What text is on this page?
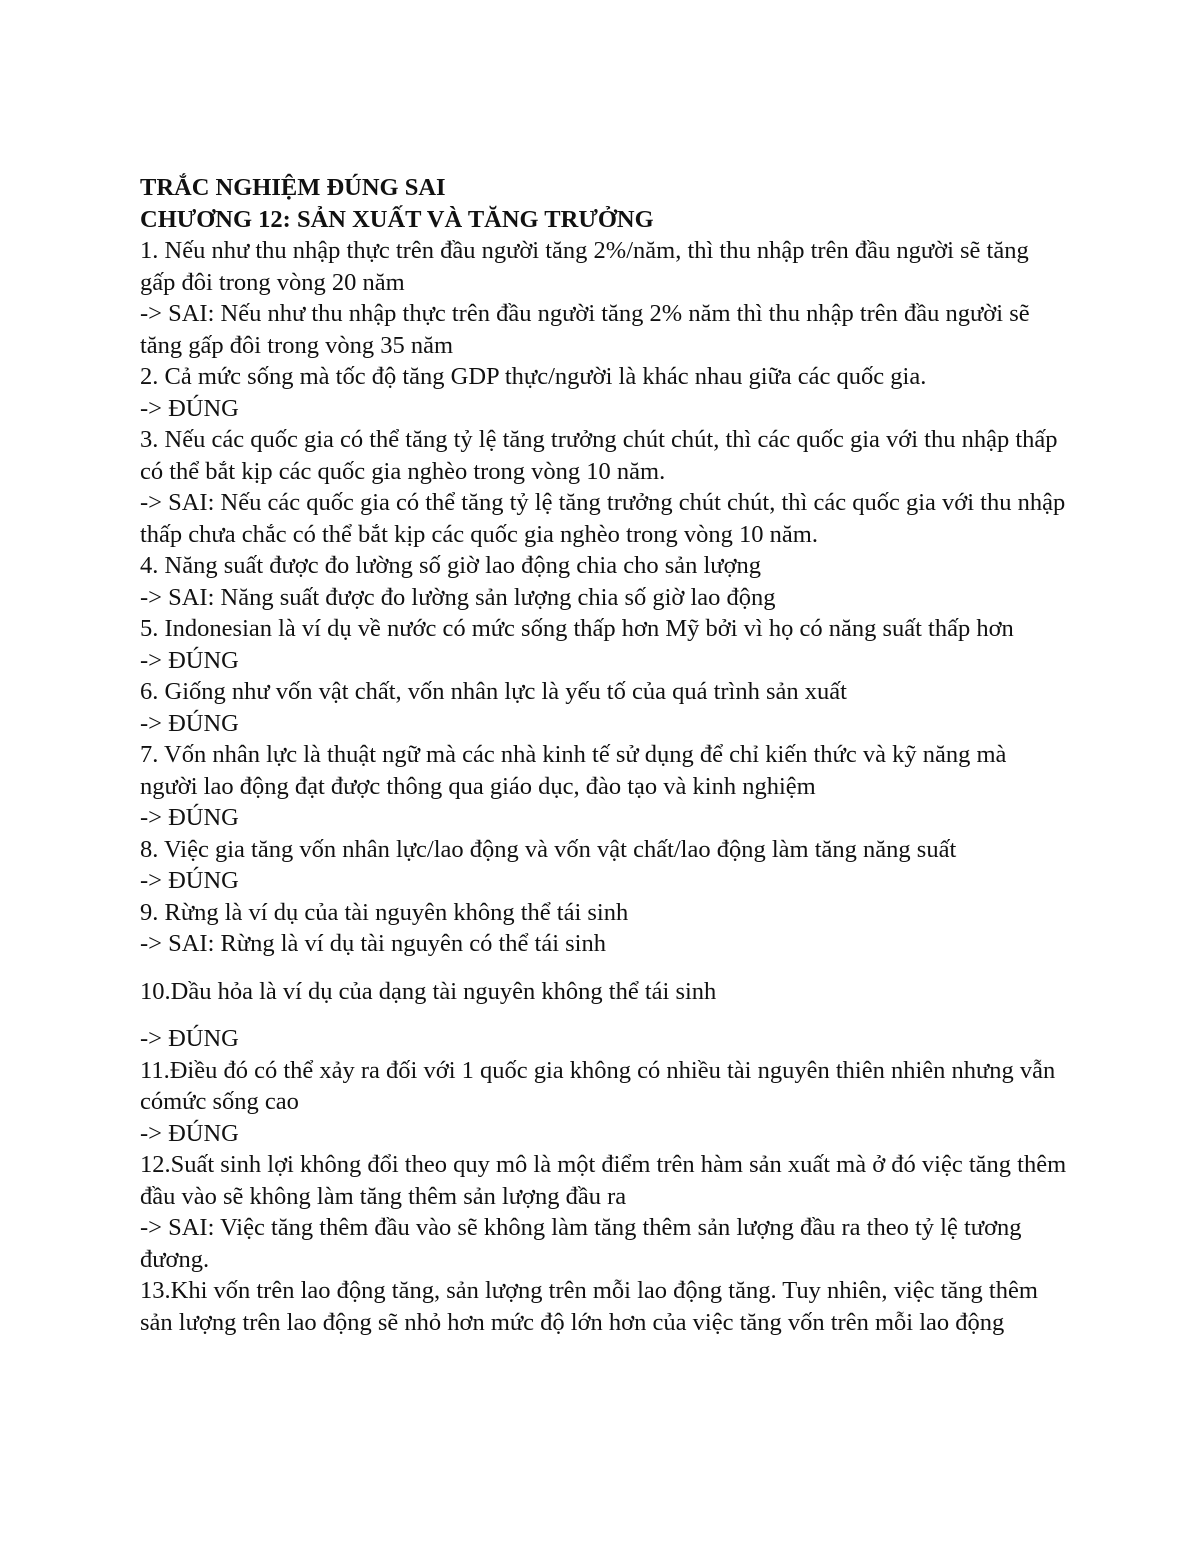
TRẮC NGHIỆM ĐÚNG SAI

CHƯƠNG 12: SẢN XUẤT VÀ TĂNG TRƯỞNG

1. Nếu như thu nhập thực trên đầu người tăng 2%/năm, thì thu nhập trên đầu người sẽ tăng gấp đôi trong vòng 20 năm

-> SAI: Nếu như thu nhập thực trên đầu người tăng 2% năm thì thu nhập trên đầu người sẽ tăng gấp đôi trong vòng 35 năm

2. Cả mức sống mà tốc độ tăng GDP thực/người là khác nhau giữa các quốc gia.

-> ĐÚNG

3. Nếu các quốc gia có thể tăng tỷ lệ tăng trưởng chút chút, thì các quốc gia với thu nhập thấp có thể bắt kịp các quốc gia nghèo trong vòng 10 năm.

-> SAI: Nếu các quốc gia có thể tăng tỷ lệ tăng trưởng chút chút, thì các quốc gia với thu nhập thấp chưa chắc có thể bắt kịp các quốc gia nghèo trong vòng 10 năm.

4. Năng suất được đo lường số giờ lao động chia cho sản lượng

-> SAI: Năng suất được đo lường sản lượng chia số giờ lao động

5. Indonesian là ví dụ về nước có mức sống thấp hơn Mỹ bởi vì họ có năng suất thấp hơn

-> ĐÚNG

6. Giống như vốn vật chất, vốn nhân lực là yếu tố của quá trình sản xuất

-> ĐÚNG

7. Vốn nhân lực là thuật ngữ mà các nhà kinh tế sử dụng để chỉ kiến thức và kỹ năng mà người lao động đạt được thông qua giáo dục, đào tạo và kinh nghiệm

-> ĐÚNG

8. Việc gia tăng vốn nhân lực/lao động và vốn vật chất/lao động làm tăng năng suất

-> ĐÚNG

9. Rừng là ví dụ của tài nguyên không thể tái sinh

-> SAI: Rừng là ví dụ tài nguyên có thể tái sinh

10.Dầu hỏa là ví dụ của dạng tài nguyên không thể tái sinh

-> ĐÚNG

11.Điều đó có thể xảy ra đối với 1 quốc gia không có nhiều tài nguyên thiên nhiên nhưng vẫn cómức sống cao

-> ĐÚNG

12.Suất sinh lợi không đổi theo quy mô là một điểm trên hàm sản xuất mà ở đó việc tăng thêm đầu vào sẽ không làm tăng thêm sản lượng đầu ra

-> SAI: Việc tăng thêm đầu vào sẽ không làm tăng thêm sản lượng đầu ra theo tỷ lệ tương đương.

13.Khi vốn trên lao động tăng, sản lượng trên mỗi lao động tăng. Tuy nhiên, việc tăng thêm sản lượng trên lao động sẽ nhỏ hơn mức độ lớn hơn của việc tăng vốn trên mỗi lao động
